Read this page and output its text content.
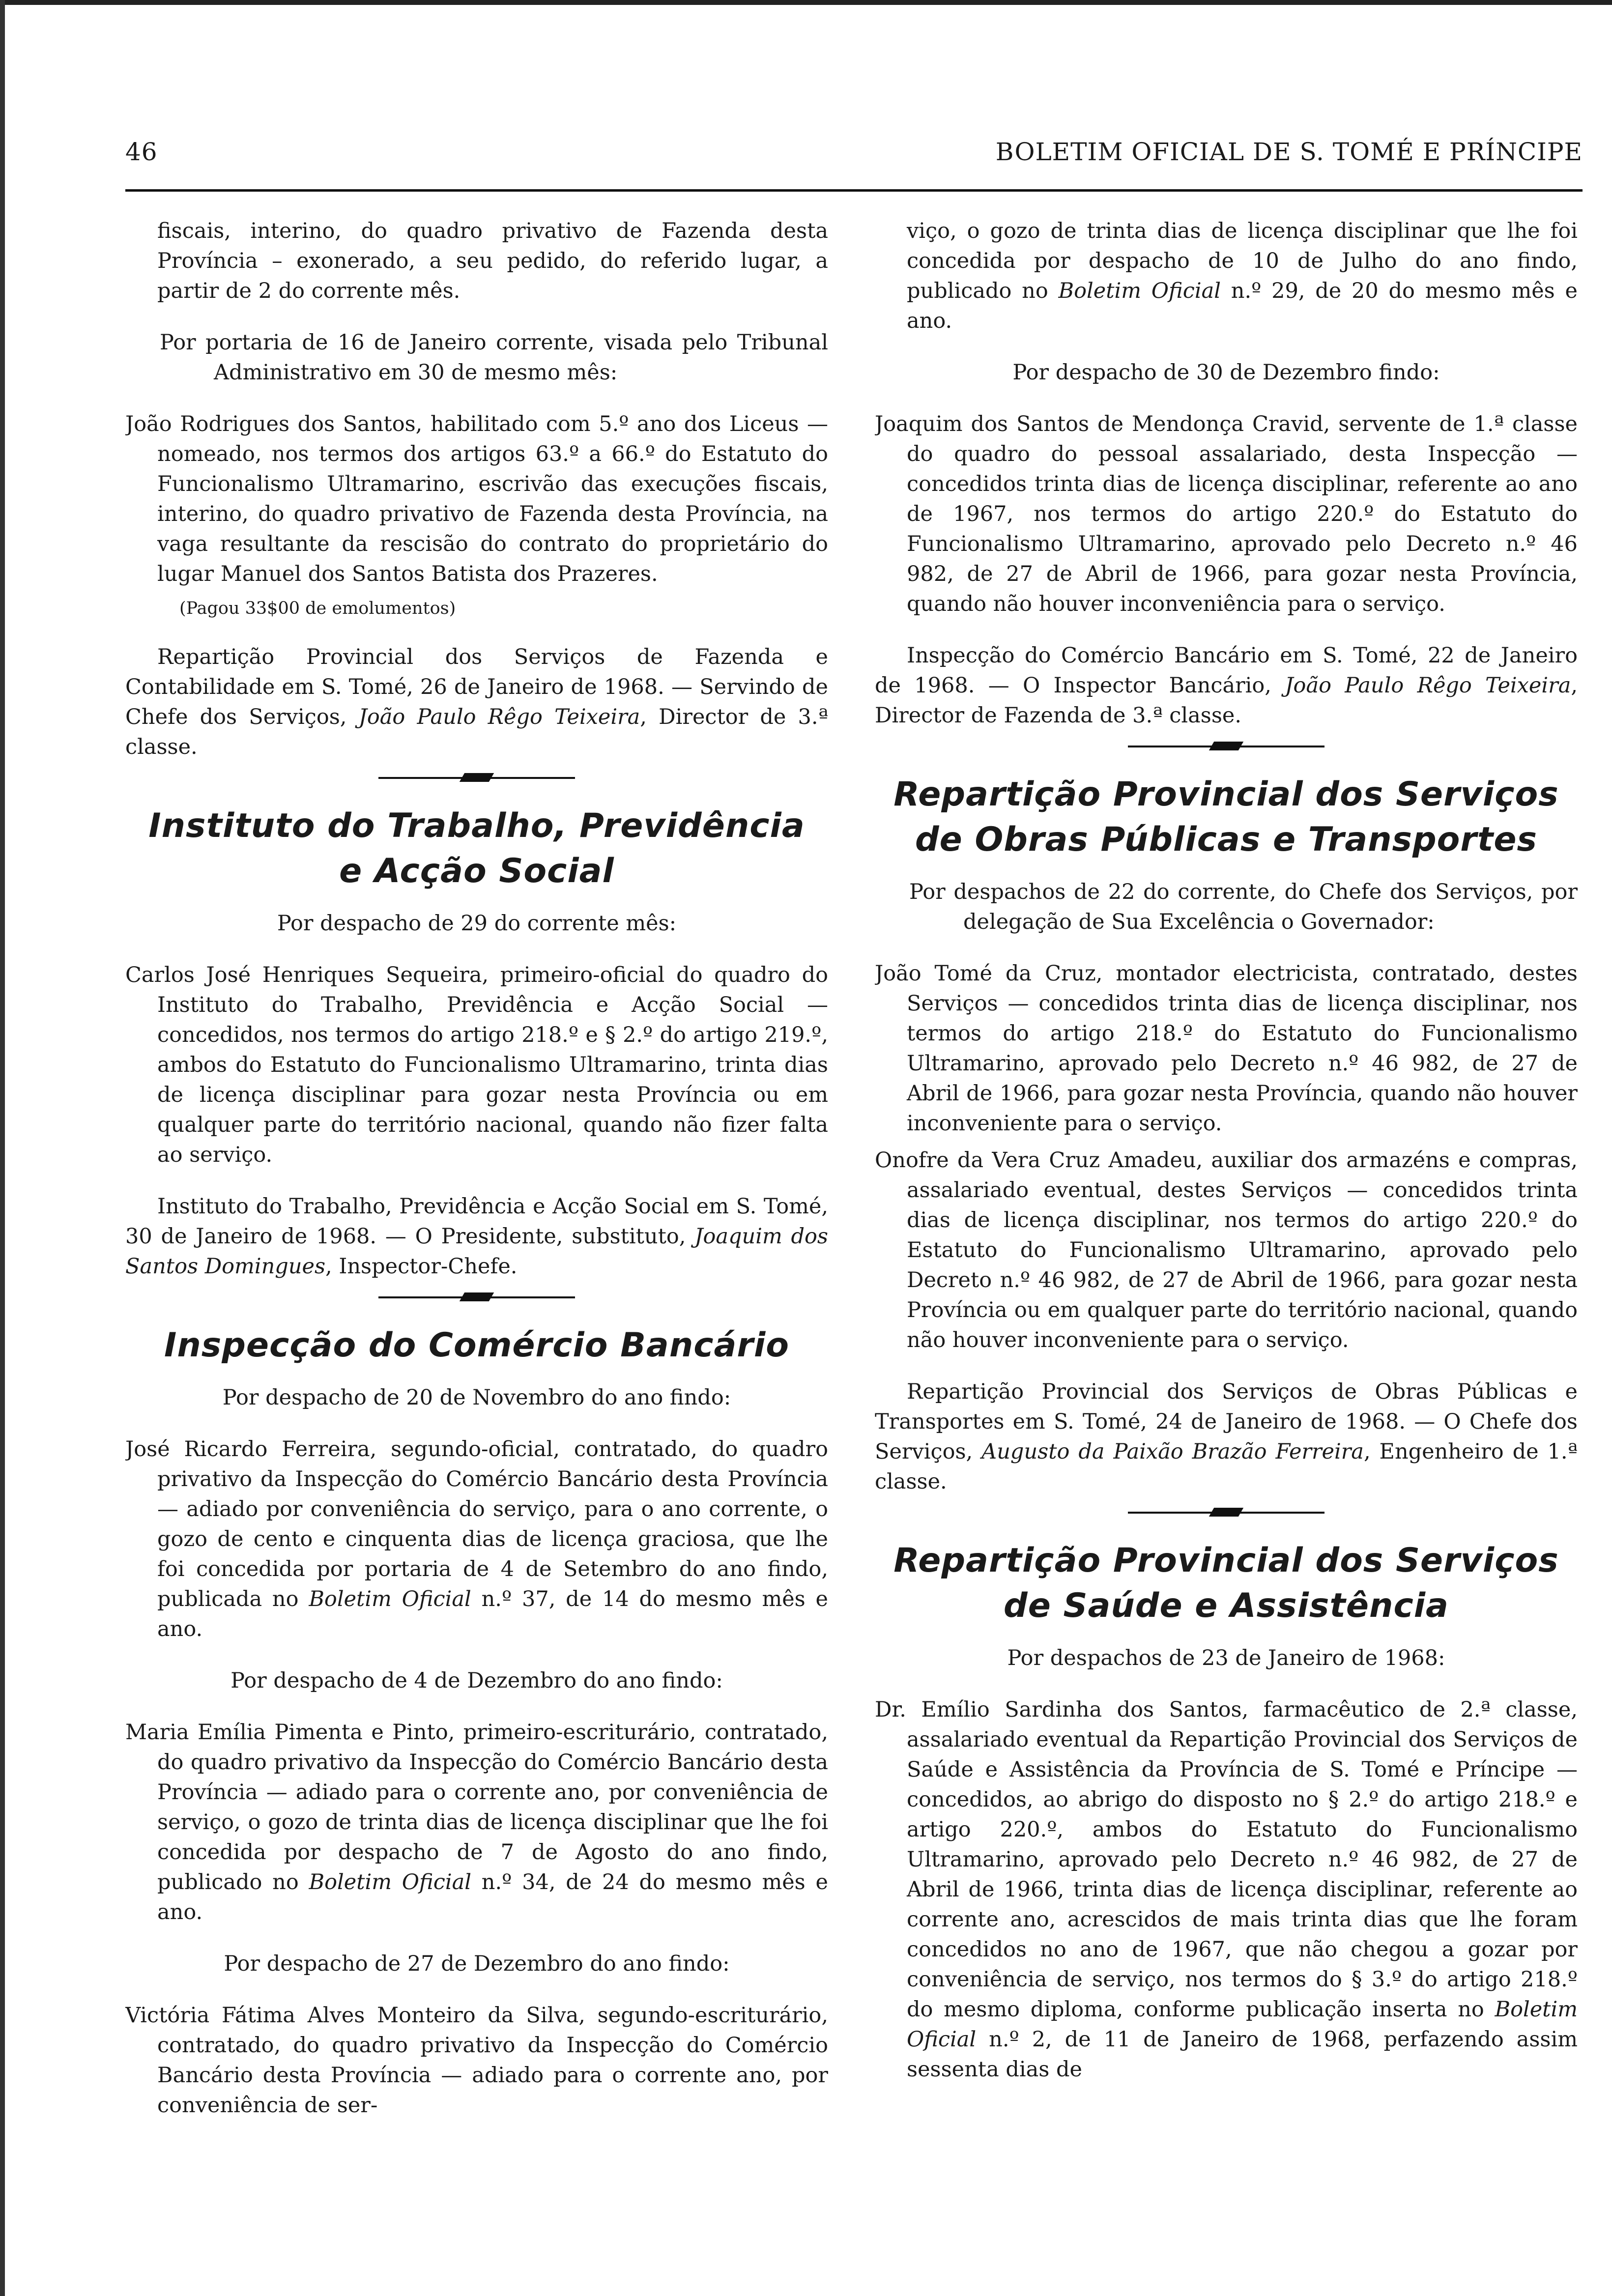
46	BOLETIM OFICIAL DE S. TOMÉ E PRÍNCIPE

fiscais, interino, do quadro privativo de Fazenda desta Província – exonerado, a seu pedido, do referido lugar, a partir de 2 do corrente mês.

Por portaria de 16 de Janeiro corrente, visada pelo Tribunal Administrativo em 30 de mesmo mês:

João Rodrigues dos Santos, habilitado com 5.º ano dos Liceus — nomeado, nos termos dos artigos 63.º a 66.º do Estatuto do Funcionalismo Ultramarino, escrivão das execuções fiscais, interino, do quadro privativo de Fazenda desta Província, na vaga resultante da rescisão do contrato do proprietário do lugar Manuel dos Santos Batista dos Prazeres.

(Pagou 33$00 de emolumentos)

Repartição Provincial dos Serviços de Fazenda e Contabilidade em S. Tomé, 26 de Janeiro de 1968. — Servindo de Chefe dos Serviços, João Paulo Rêgo Teixeira, Director de 3.ª classe.

Instituto do Trabalho, Previdência
e Acção Social

Por despacho de 29 do corrente mês:

Carlos José Henriques Sequeira, primeiro-oficial do quadro do Instituto do Trabalho, Previdência e Acção Social — concedidos, nos termos do artigo 218.º e § 2.º do artigo 219.º, ambos do Estatuto do Funcionalismo Ultramarino, trinta dias de licença disciplinar para gozar nesta Província ou em qualquer parte do território nacional, quando não fizer falta ao serviço.

Instituto do Trabalho, Previdência e Acção Social em S. Tomé, 30 de Janeiro de 1968. — O Presidente, substituto, Joaquim dos Santos Domingues, Inspector-Chefe.

Inspecção do Comércio Bancário

Por despacho de 20 de Novembro do ano findo:

José Ricardo Ferreira, segundo-oficial, contratado, do quadro privativo da Inspecção do Comércio Bancário desta Província — adiado por conveniência do serviço, para o ano corrente, o gozo de cento e cinquenta dias de licença graciosa, que lhe foi concedida por portaria de 4 de Setembro do ano findo, publicada no Boletim Oficial n.º 37, de 14 do mesmo mês e ano.

Por despacho de 4 de Dezembro do ano findo:

Maria Emília Pimenta e Pinto, primeiro-escriturário, contratado, do quadro privativo da Inspecção do Comércio Bancário desta Província — adiado para o corrente ano, por conveniência de serviço, o gozo de trinta dias de licença disciplinar que lhe foi concedida por despacho de 7 de Agosto do ano findo, publicado no Boletim Oficial n.º 34, de 24 do mesmo mês e ano.

Por despacho de 27 de Dezembro do ano findo:

Victória Fátima Alves Monteiro da Silva, segundo-escriturário, contratado, do quadro privativo da Inspecção do Comércio Bancário desta Província — adiado para o corrente ano, por conveniência de ser-

viço, o gozo de trinta dias de licença disciplinar que lhe foi concedida por despacho de 10 de Julho do ano findo, publicado no Boletim Oficial n.º 29, de 20 do mesmo mês e ano.

Por despacho de 30 de Dezembro findo:

Joaquim dos Santos de Mendonça Cravid, servente de 1.ª classe do quadro do pessoal assalariado, desta Inspecção — concedidos trinta dias de licença disciplinar, referente ao ano de 1967, nos termos do artigo 220.º do Estatuto do Funcionalismo Ultramarino, aprovado pelo Decreto n.º 46 982, de 27 de Abril de 1966, para gozar nesta Província, quando não houver inconveniência para o serviço.

Inspecção do Comércio Bancário em S. Tomé, 22 de Janeiro de 1968. — O Inspector Bancário, João Paulo Rêgo Teixeira, Director de Fazenda de 3.ª classe.

Repartição Provincial dos Serviços
de Obras Públicas e Transportes

Por despachos de 22 do corrente, do Chefe dos Serviços, por delegação de Sua Excelência o Governador:

João Tomé da Cruz, montador electricista, contratado, destes Serviços — concedidos trinta dias de licença disciplinar, nos termos do artigo 218.º do Estatuto do Funcionalismo Ultramarino, aprovado pelo Decreto n.º 46 982, de 27 de Abril de 1966, para gozar nesta Província, quando não houver inconveniente para o serviço.

Onofre da Vera Cruz Amadeu, auxiliar dos armazéns e compras, assalariado eventual, destes Serviços — concedidos trinta dias de licença disciplinar, nos termos do artigo 220.º do Estatuto do Funcionalismo Ultramarino, aprovado pelo Decreto n.º 46 982, de 27 de Abril de 1966, para gozar nesta Província ou em qualquer parte do território nacional, quando não houver inconveniente para o serviço.

Repartição Provincial dos Serviços de Obras Públicas e Transportes em S. Tomé, 24 de Janeiro de 1968. — O Chefe dos Serviços, Augusto da Paixão Brazão Ferreira, Engenheiro de 1.ª classe.

Repartição Provincial dos Serviços
de Saúde e Assistência

Por despachos de 23 de Janeiro de 1968:

Dr. Emílio Sardinha dos Santos, farmacêutico de 2.ª classe, assalariado eventual da Repartição Provincial dos Serviços de Saúde e Assistência da Província de S. Tomé e Príncipe — concedidos, ao abrigo do disposto no § 2.º do artigo 218.º e artigo 220.º, ambos do Estatuto do Funcionalismo Ultramarino, aprovado pelo Decreto n.º 46 982, de 27 de Abril de 1966, trinta dias de licença disciplinar, referente ao corrente ano, acrescidos de mais trinta dias que lhe foram concedidos no ano de 1967, que não chegou a gozar por conveniência de serviço, nos termos do § 3.º do artigo 218.º do mesmo diploma, conforme publicação inserta no Boletim Oficial n.º 2, de 11 de Janeiro de 1968, perfazendo assim sessenta dias de
